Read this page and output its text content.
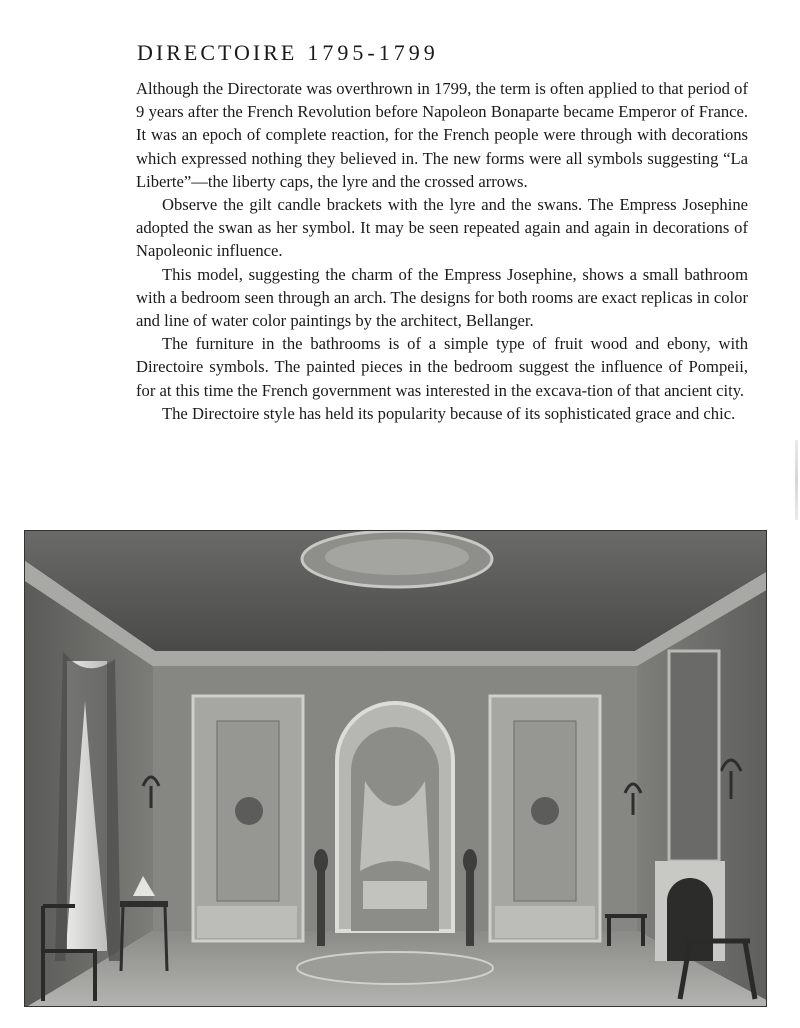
DIRECTOIRE 1795-1799

Although the Directorate was overthrown in 1799, the term is often applied to that period of 9 years after the French Revolution before Napoleon Bonaparte became Emperor of France. It was an epoch of complete reaction, for the French people were through with decorations which expressed nothing they believed in. The new forms were all symbols suggesting “La Liberte”—the liberty caps, the lyre and the crossed arrows.

Observe the gilt candle brackets with the lyre and the swans. The Empress Josephine adopted the swan as her symbol. It may be seen repeated again and again in decorations of Napoleonic influence.

This model, suggesting the charm of the Empress Josephine, shows a small bathroom with a bedroom seen through an arch. The designs for both rooms are exact replicas in color and line of water color paintings by the architect, Bellanger.

The furniture in the bathrooms is of a simple type of fruit wood and ebony, with Directoire symbols. The painted pieces in the bedroom suggest the influence of Pompeii, for at this time the French government was interested in the excava-tion of that ancient city.

The Directoire style has held its popularity because of its sophisticated grace and chic.
